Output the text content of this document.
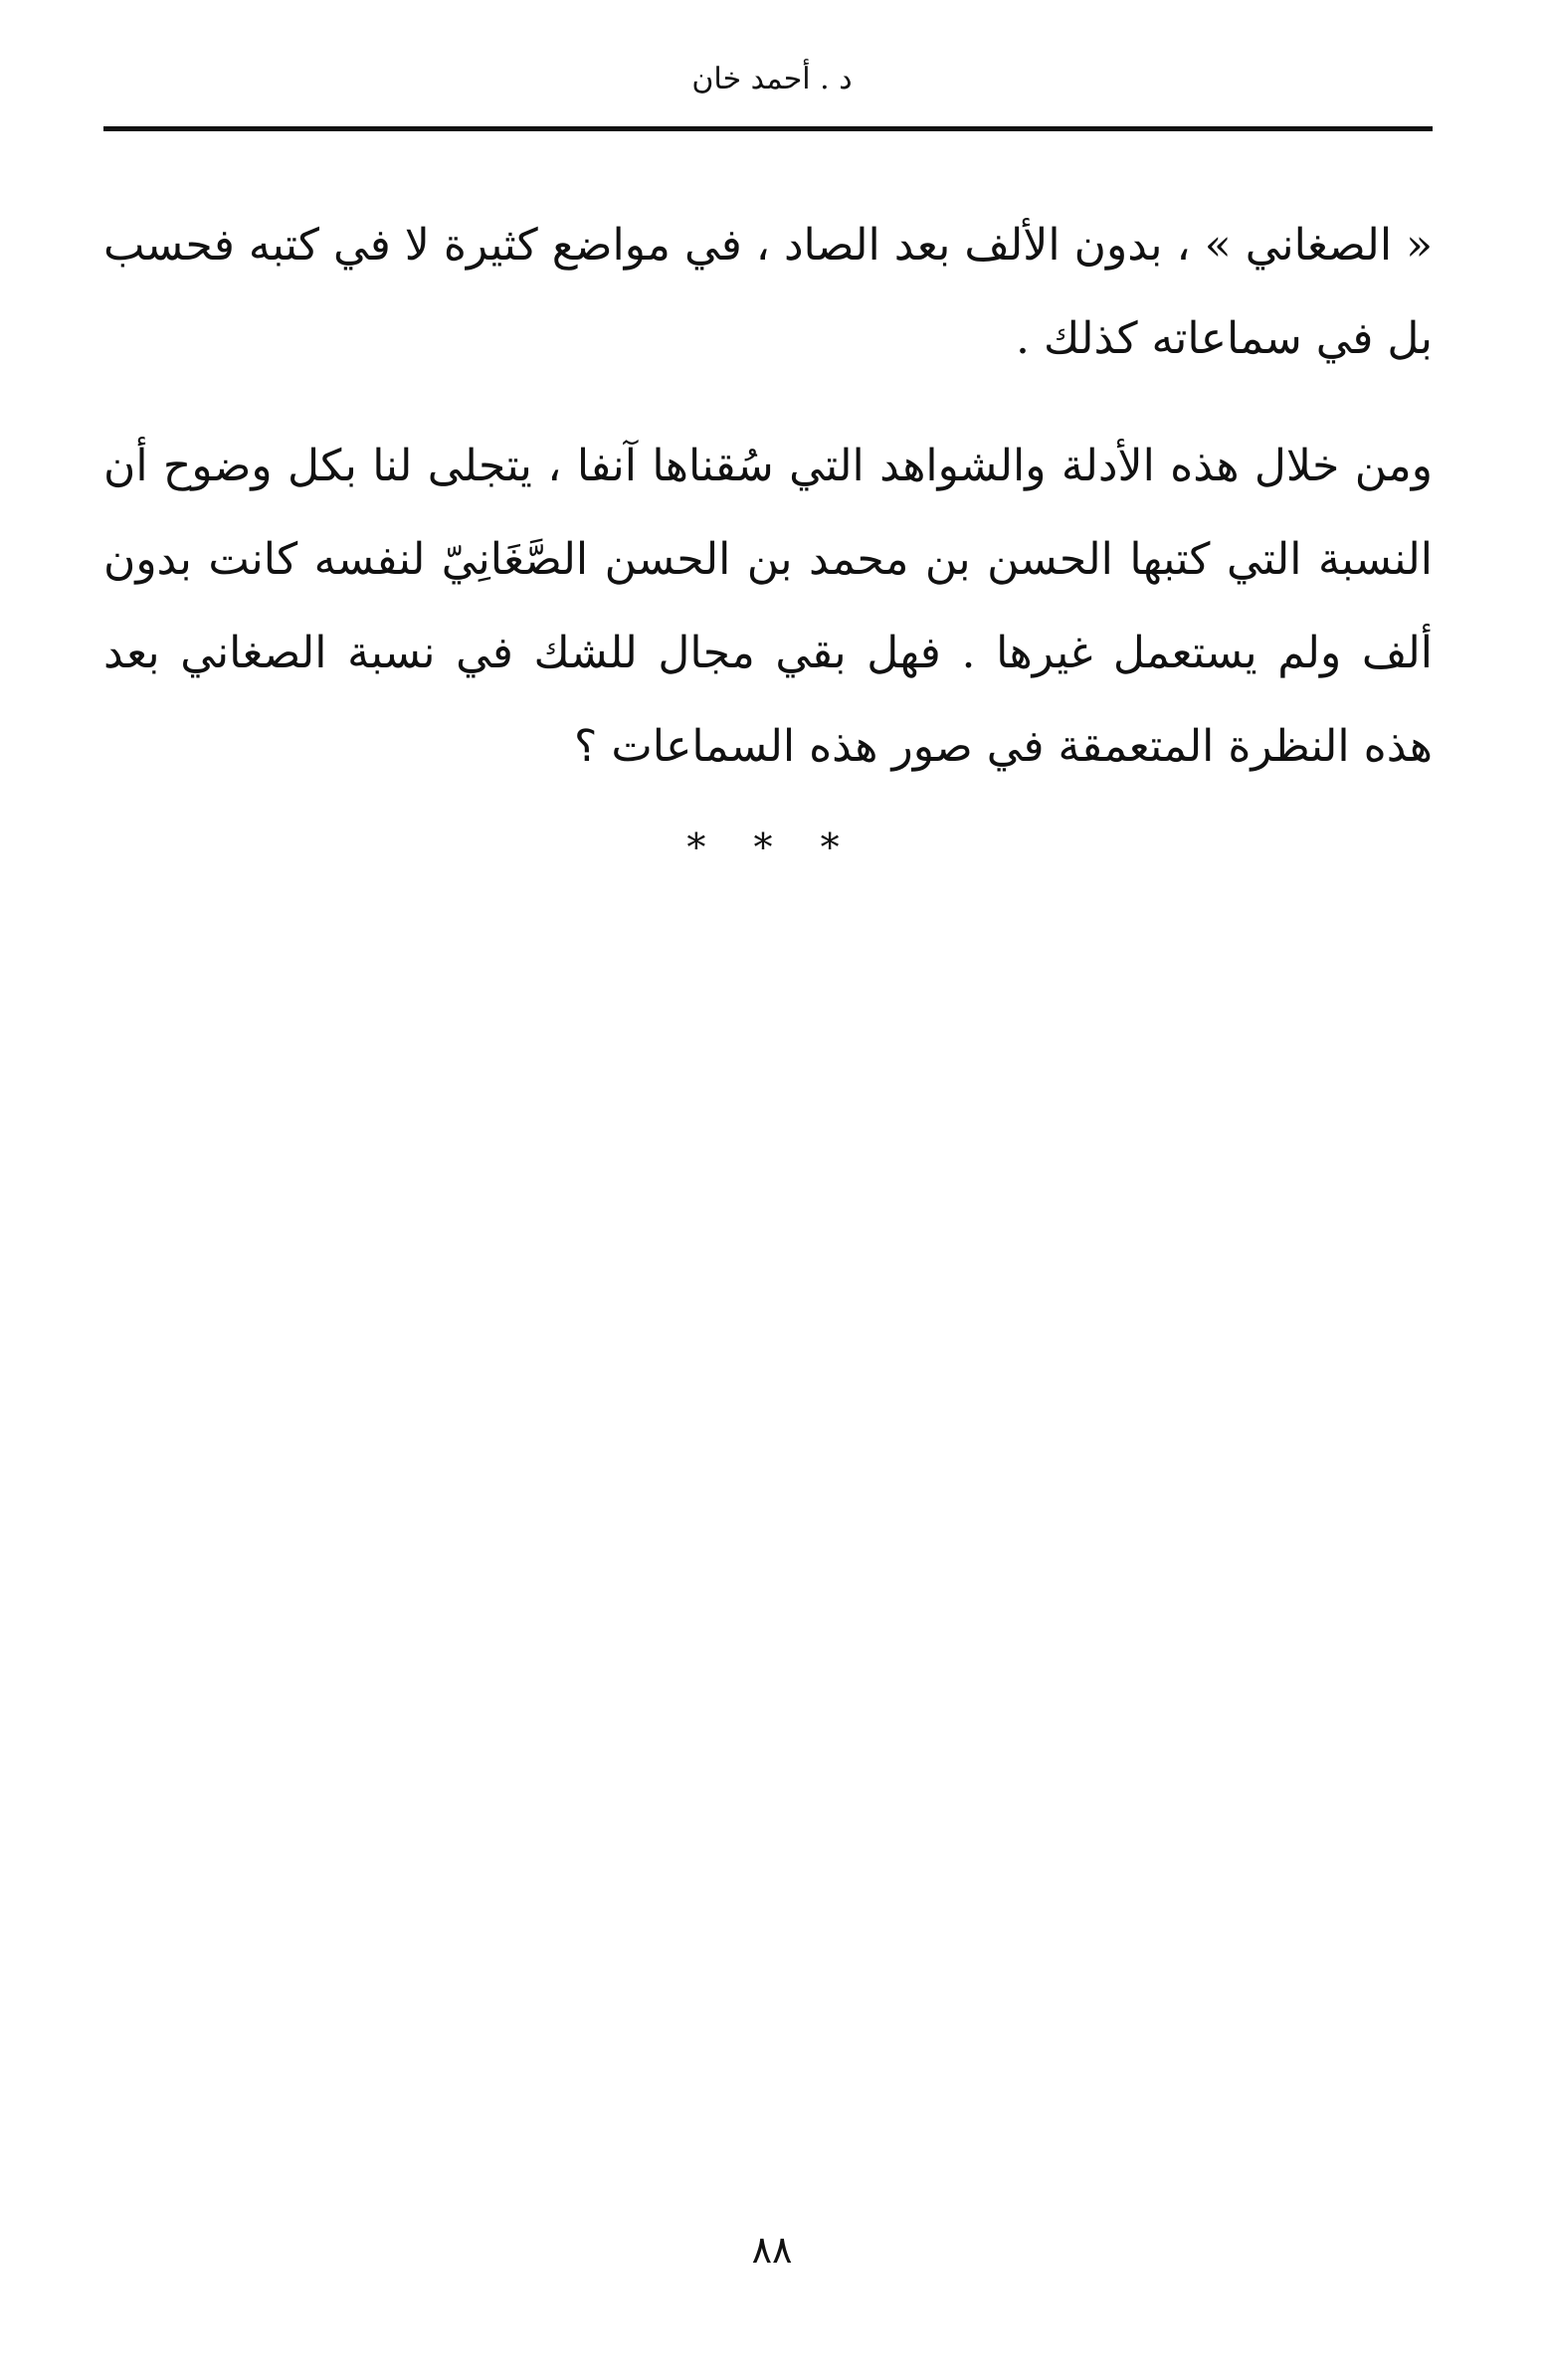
د . أحمد خان

« الصغاني » ، بدون الألف بعد الصاد ، في مواضع كثيرة لا في كتبه فحسب بل في سماعاته كذلك .

ومن خلال هذه الأدلة والشواهد التي سُقناها آنفا ، يتجلى لنا بكل وضوح أن النسبة التي كتبها الحسن بن محمد بن الحسن الصَّغَانِيّ لنفسه كانت بدون ألف ولم يستعمل غيرها . فهل بقي مجال للشك في نسبة الصغاني بعد هذه النظرة المتعمقة في صور هذه السماعات ؟

* * *
٨٨
